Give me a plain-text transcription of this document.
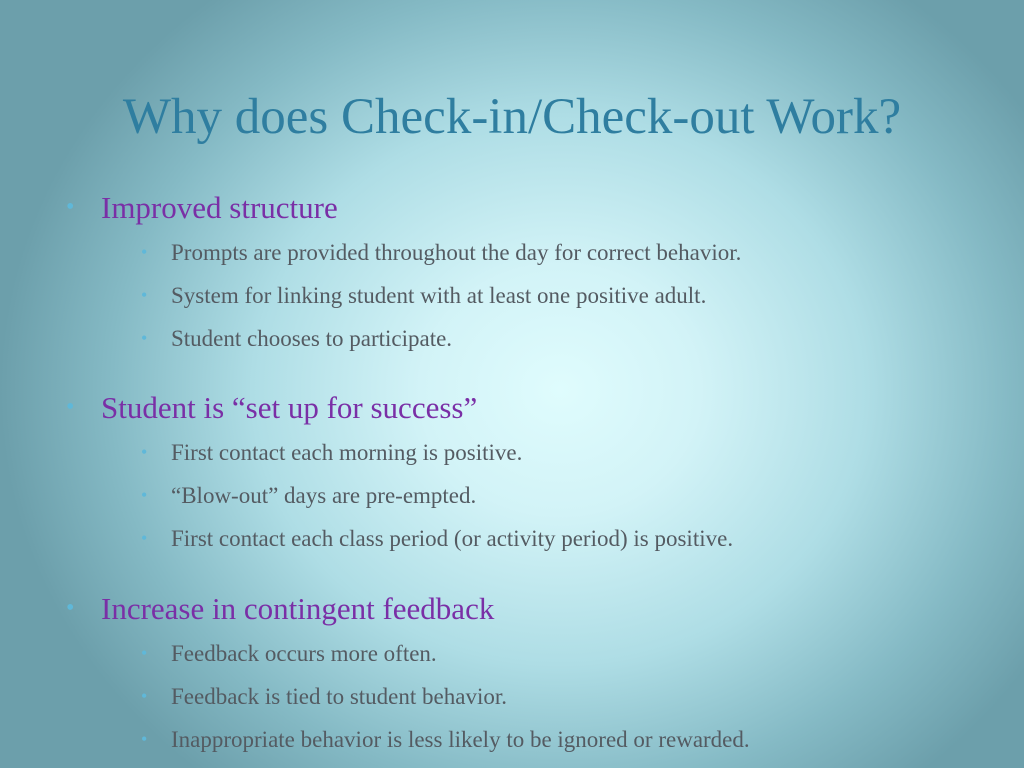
Why does Check-in/Check-out Work?
• Improved structure
• Prompts are provided throughout the day for correct behavior.
• System for linking student with at least one positive adult.
• Student chooses to participate.
• Student is “set up for success”
• First contact each morning is positive.
• “Blow-out” days are pre-empted.
• First contact each class period (or activity period) is positive.
• Increase in contingent feedback
• Feedback occurs more often.
• Feedback is tied to student behavior.
• Inappropriate behavior is less likely to be ignored or rewarded.
